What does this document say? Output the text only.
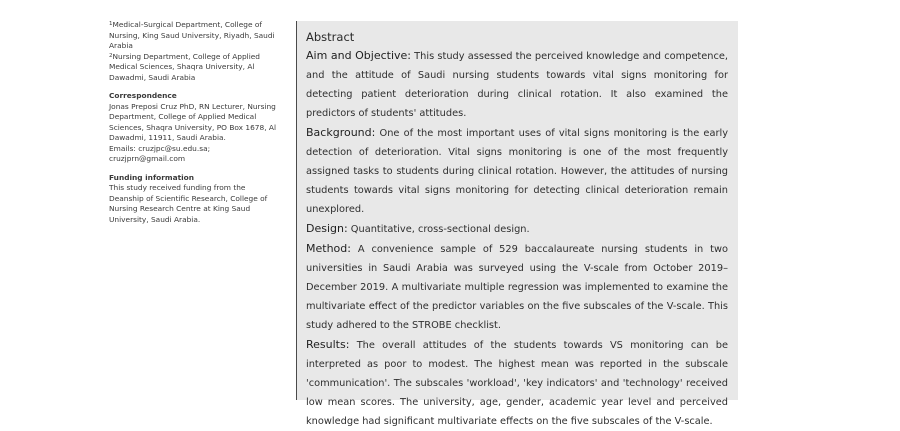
$^1$Medical-Surgical Department, College of Nursing, King Saud University, Riyadh, Saudi Arabia

$^2$Nursing Department, College of Applied Medical Sciences, Shaqra University, Al Dawadmi, Saudi Arabia

Correspondence

Jonas Preposi Cruz PhD, RN Lecturer, Nursing Department, College of Applied Medical Sciences, Shaqra University, PO Box 1678, Al Dawadmi, 11911, Saudi Arabia.

Emails: cruzjpc@su.edu.sa; cruzjprn@gmail.com

Funding information

This study received funding from the Deanship of Scientific Research, College of Nursing Research Centre at King Saud University, Saudi Arabia.

Abstract

Aim and Objective: This study assessed the perceived knowledge and competence, and the attitude of Saudi nursing students towards vital signs monitoring for detecting patient deterioration during clinical rotation. It also examined the predictors of students' attitudes.

Background: One of the most important uses of vital signs monitoring is the early detection of deterioration. Vital signs monitoring is one of the most frequently assigned tasks to students during clinical rotation. However, the attitudes of nursing students towards vital signs monitoring for detecting clinical deterioration remain unexplored.

Design: Quantitative, cross-sectional design.

Method: A convenience sample of 529 baccalaureate nursing students in two universities in Saudi Arabia was surveyed using the V-scale from October 2019–December 2019. A multivariate multiple regression was implemented to examine the multivariate effect of the predictor variables on the five subscales of the V-scale. This study adhered to the STROBE checklist.

Results: The overall attitudes of the students towards VS monitoring can be interpreted as poor to modest. The highest mean was reported in the subscale 'communication'. The subscales 'workload', 'key indicators' and 'technology' received low mean scores. The university, age, gender, academic year level and perceived knowledge had significant multivariate effects on the five subscales of the V-scale.
